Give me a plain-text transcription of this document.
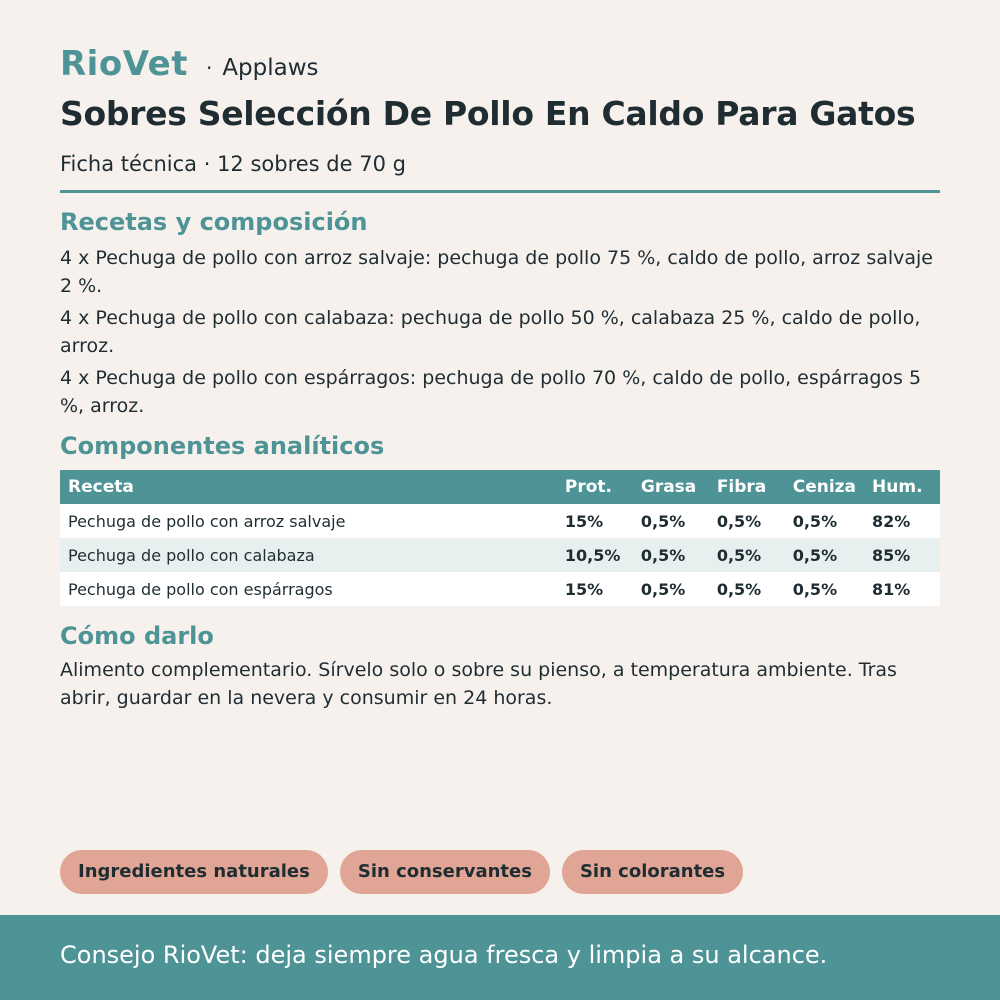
RioVet · Applaws
Sobres Selección De Pollo En Caldo Para Gatos
Ficha técnica · 12 sobres de 70 g
Recetas y composición

4 x Pechuga de pollo con arroz salvaje: pechuga de pollo 75 %, caldo de pollo, arroz salvaje 2 %.

4 x Pechuga de pollo con calabaza: pechuga de pollo 50 %, calabaza 25 %, caldo de pollo, arroz.

4 x Pechuga de pollo con espárragos: pechuga de pollo 70 %, caldo de pollo, espárragos 5 %, arroz.

Componentes analíticos
Receta	Prot.	Grasa	Fibra	Ceniza	Hum.
Pechuga de pollo con arroz salvaje	15%	0,5%	0,5%	0,5%	82%
Pechuga de pollo con calabaza	10,5%	0,5%	0,5%	0,5%	85%
Pechuga de pollo con espárragos	15%	0,5%	0,5%	0,5%	81%
Cómo darlo

Alimento complementario. Sírvelo solo o sobre su pienso, a temperatura ambiente. Tras abrir, guardar en la nevera y consumir en 24 horas.

Ingredientes naturales	Sin conservantes	Sin colorantes
Consejo RioVet: deja siempre agua fresca y limpia a su alcance.
